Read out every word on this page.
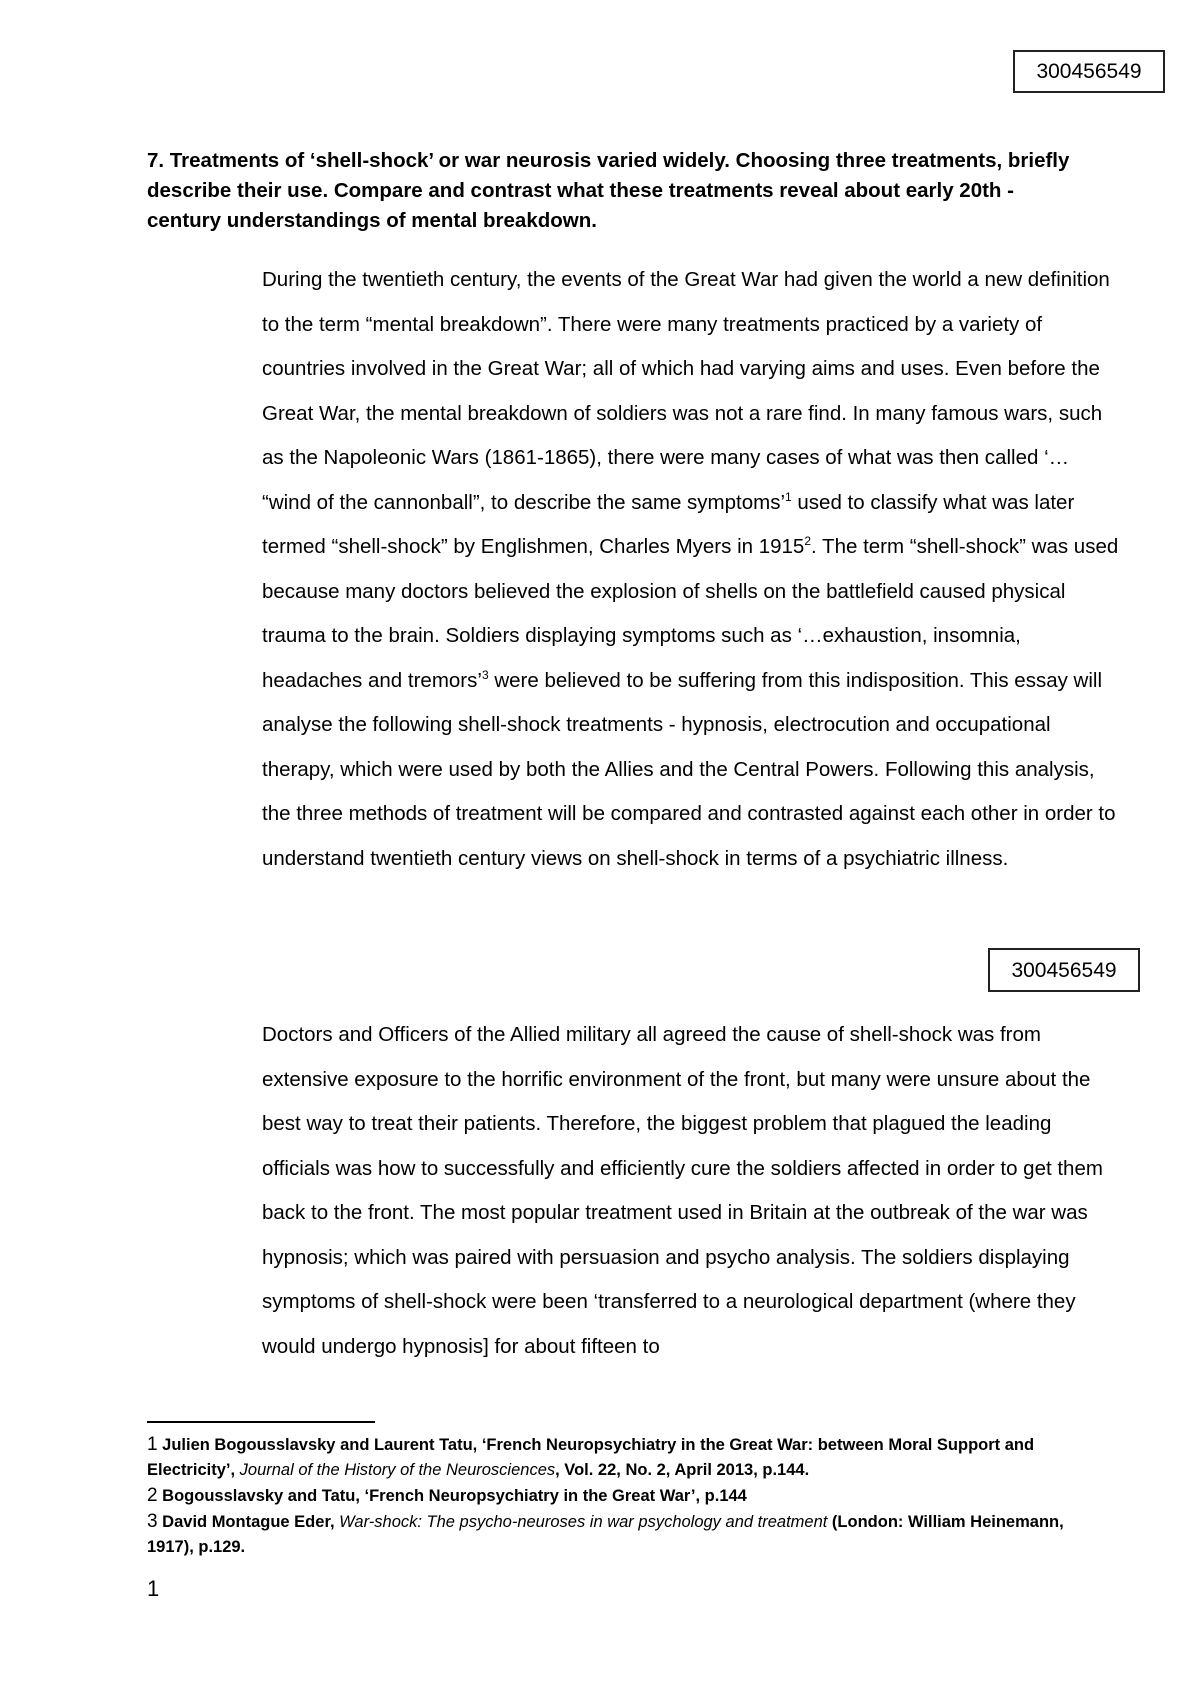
300456549

7. Treatments of ‘shell-shock’ or war neurosis varied widely. Choosing three treatments, briefly describe their use. Compare and contrast what these treatments reveal about early 20th - century understandings of mental breakdown.

During the twentieth century, the events of the Great War had given the world a new definition to the term “mental breakdown”. There were many treatments practiced by a variety of countries involved in the Great War; all of which had varying aims and uses. Even before the Great War, the mental breakdown of soldiers was not a rare find. In many famous wars, such as the Napoleonic Wars (1861-1865), there were many cases of what was then called ‘… “wind of the cannonball”, to describe the same symptoms’$^1$ used to classify what was later termed “shell-shock” by Englishmen, Charles Myers in 1915$^2$. The term “shell-shock” was used because many doctors believed the explosion of shells on the battlefield caused physical trauma to the brain. Soldiers displaying symptoms such as ‘…exhaustion, insomnia, headaches and tremors’$^3$ were believed to be suffering from this indisposition. This essay will analyse the following shell-shock treatments - hypnosis, electrocution and occupational therapy, which were used by both the Allies and the Central Powers. Following this analysis, the three methods of treatment will be compared and contrasted against each other in order to understand twentieth century views on shell-shock in terms of a psychiatric illness.

300456549

Doctors and Officers of the Allied military all agreed the cause of shell-shock was from extensive exposure to the horrific environment of the front, but many were unsure about the best way to treat their patients. Therefore, the biggest problem that plagued the leading officials was how to successfully and efficiently cure the soldiers affected in order to get them back to the front. The most popular treatment used in Britain at the outbreak of the war was hypnosis; which was paired with persuasion and psycho analysis. The soldiers displaying symptoms of shell-shock were been ‘transferred to a neurological department (where they would undergo hypnosis] for about fifteen to

1 Julien Bogousslavsky and Laurent Tatu, ‘French Neuropsychiatry in the Great War: between Moral Support and Electricity’, Journal of the History of the Neurosciences, Vol. 22, No. 2, April 2013, p.144.

2 Bogousslavsky and Tatu, ‘French Neuropsychiatry in the Great War’, p.144

3 David Montague Eder, War-shock: The psycho-neuroses in war psychology and treatment (London: William Heinemann, 1917), p.129.

1
